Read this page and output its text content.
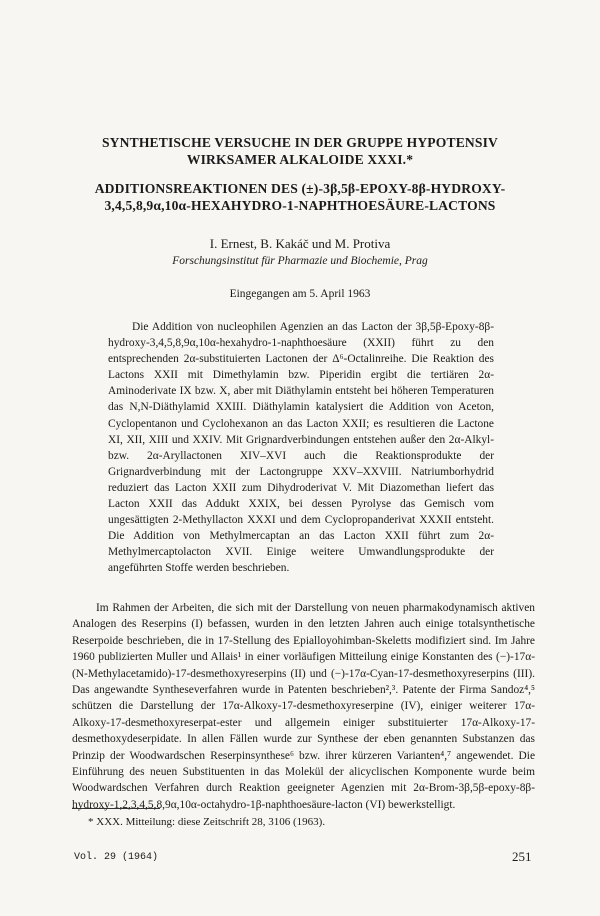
SYNTHETISCHE VERSUCHE IN DER GRUPPE HYPOTENSIV WIRKSAMER ALKALOIDE XXXI.*

ADDITIONSREAKTIONEN DES (±)-3β,5β-EPOXY-8β-HYDROXY-3,4,5,8,9α,10α-HEXAHYDRO-1-NAPHTHOESÄURE-LACTONS

I. Ernest, B. Kakáč und M. Protiva

Forschungsinstitut für Pharmazie und Biochemie, Prag

Eingegangen am 5. April 1963

Die Addition von nucleophilen Agenzien an das Lacton der 3β,5β-Epoxy-8β-hydroxy-3,4,5,8,9α,10α-hexahydro-1-naphthoesäure (XXII) führt zu den entsprechenden 2α-substituierten Lactonen der Δ⁶-Octalinreihe. Die Reaktion des Lactons XXII mit Dimethylamin bzw. Piperidin ergibt die tertiären 2α-Aminoderivate IX bzw. X, aber mit Diäthylamin entsteht bei höheren Temperaturen das N,N-Diäthylamid XXIII. Diäthylamin katalysiert die Addition von Aceton, Cyclopentanon und Cyclohexanon an das Lacton XXII; es resultieren die Lactone XI, XII, XIII und XXIV. Mit Grignardverbindungen entstehen außer den 2α-Alkyl- bzw. 2α-Aryllactonen XIV–XVI auch die Reaktionsprodukte der Grignardverbindung mit der Lactongruppe XXV–XXVIII. Natriumborhydrid reduziert das Lacton XXII zum Dihydroderivat V. Mit Diazomethan liefert das Lacton XXII das Addukt XXIX, bei dessen Pyrolyse das Gemisch vom ungesättigten 2-Methyllacton XXXI und dem Cyclopropanderivat XXXII entsteht. Die Addition von Methylmercaptan an das Lacton XXII führt zum 2α-Methylmercaptolacton XVII. Einige weitere Umwandlungsprodukte der angeführten Stoffe werden beschrieben.

Im Rahmen der Arbeiten, die sich mit der Darstellung von neuen pharmakodynamisch aktiven Analogen des Reserpins (I) befassen, wurden in den letzten Jahren auch einige totalsynthetische Reserpoide beschrieben, die in 17-Stellung des Epialloyohimban-Skeletts modifiziert sind. Im Jahre 1960 publizierten Muller und Allais¹ in einer vorläufigen Mitteilung einige Konstanten des (−)-17α-(N-Methylacetamido)-17-desmethoxyreserpins (II) und (−)-17α-Cyan-17-desmethoxyreserpins (III). Das angewandte Syntheseverfahren wurde in Patenten beschrieben²,³. Patente der Firma Sandoz⁴,⁵ schützen die Darstellung der 17α-Alkoxy-17-desmethoxyreserpine (IV), einiger weiterer 17α-Alkoxy-17-desmethoxyreserpat-ester und allgemein einiger substituierter 17α-Alkoxy-17-desmethoxydeserpidate. In allen Fällen wurde zur Synthese der eben genannten Substanzen das Prinzip der Woodwardschen Reserpinsynthese⁶ bzw. ihrer kürzeren Varianten⁴,⁷ angewendet. Die Einführung des neuen Substituenten in das Molekül der alicyclischen Komponente wurde beim Woodwardschen Verfahren durch Reaktion geeigneter Agenzien mit 2α-Brom-3β,5β-epoxy-8β-hydroxy-1,2,3,4,5,8,9α,10α-octahydro-1β-naphthoesäure-lacton (VI) bewerkstelligt.

* XXX. Mitteilung: diese Zeitschrift 28, 3106 (1963).

Vol. 29 (1964)	251
